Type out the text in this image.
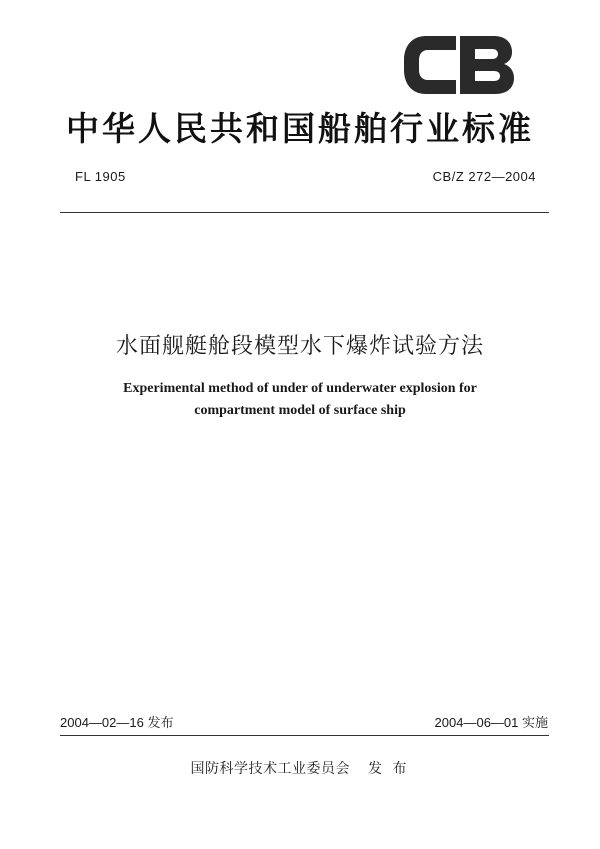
中华人民共和国船舶行业标准
FL 1905	CB/Z 272—2004
水面舰艇舱段模型水下爆炸试验方法
Experimental method of under of underwater explosion for
compartment model of surface ship
2004—02—16 发布	2004—06—01 实施
国防科学技术工业委员会 发 布
